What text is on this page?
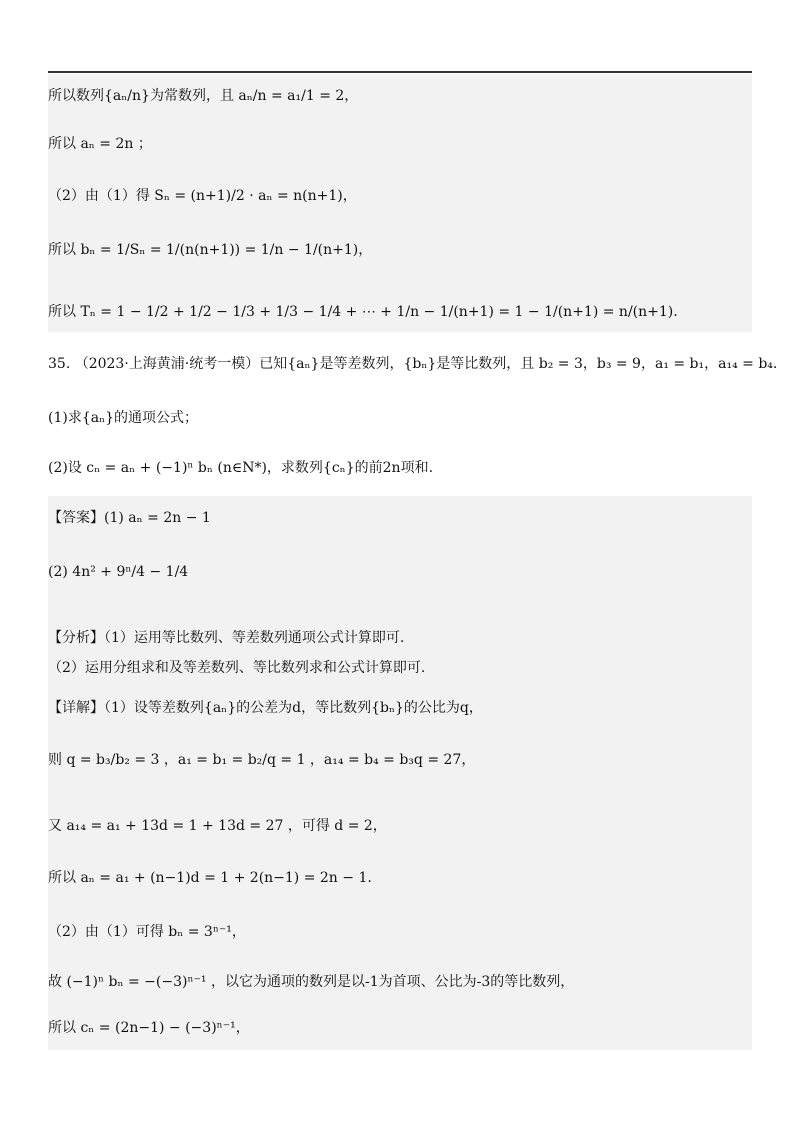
所以数列{aₙ/n}为常数列，且 aₙ/n = a₁/1 = 2，
所以 aₙ = 2n ；
（2）由（1）得 Sₙ = (n+1)/2 · aₙ = n(n+1)，
所以 bₙ = 1/Sₙ = 1/(n(n+1)) = 1/n − 1/(n+1)，
所以 Tₙ = 1 − 1/2 + 1/2 − 1/3 + 1/3 − 1/4 + ⋯ + 1/n − 1/(n+1) = 1 − 1/(n+1) = n/(n+1).
35. （2023·上海黄浦·统考一模）已知{aₙ}是等差数列，{bₙ}是等比数列，且 b₂ = 3，b₃ = 9，a₁ = b₁，a₁₄ = b₄.
(1)求{aₙ}的通项公式；
(2)设 cₙ = aₙ + (−1)ⁿ bₙ (n∈N*)，求数列{cₙ}的前2n项和.
【答案】(1) aₙ = 2n − 1
(2) 4n² + 9ⁿ/4 − 1/4
【分析】（1）运用等比数列、等差数列通项公式计算即可.
（2）运用分组求和及等差数列、等比数列求和公式计算即可.
【详解】（1）设等差数列{aₙ}的公差为d，等比数列{bₙ}的公比为q，
则 q = b₃/b₂ = 3 ，a₁ = b₁ = b₂/q = 1 ，a₁₄ = b₄ = b₃q = 27，
又 a₁₄ = a₁ + 13d = 1 + 13d = 27 ，可得 d = 2，
所以 aₙ = a₁ + (n−1)d = 1 + 2(n−1) = 2n − 1.
（2）由（1）可得 bₙ = 3ⁿ⁻¹，
故 (−1)ⁿ bₙ = −(−3)ⁿ⁻¹ ，以它为通项的数列是以-1为首项、公比为-3的等比数列，
所以 cₙ = (2n−1) − (−3)ⁿ⁻¹，
